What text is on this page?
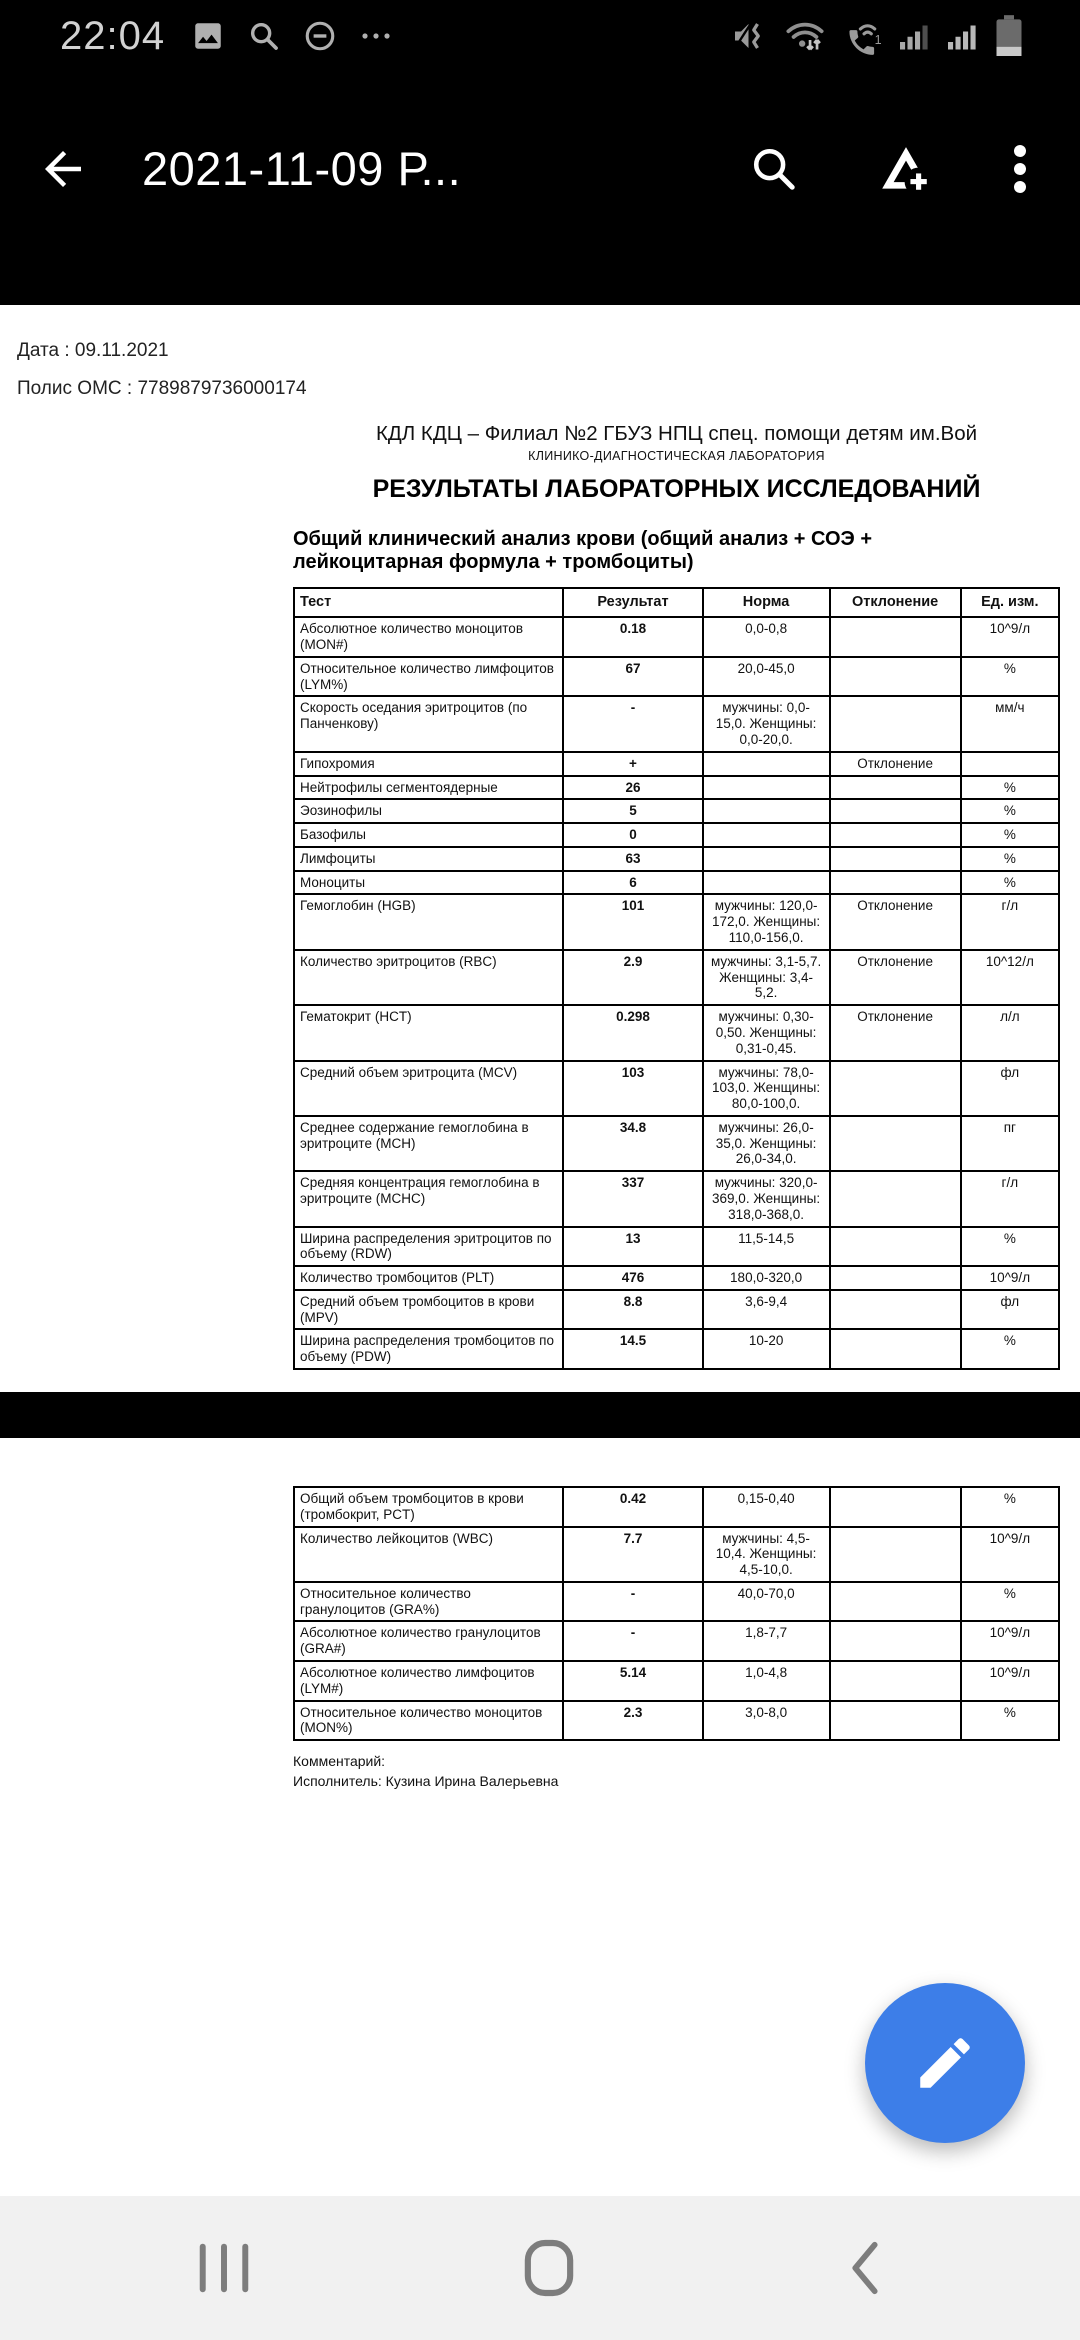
22:04	1
2021-11-09 Р...
Дата : 09.11.2021
Полис ОМС : 7789879736000174
КДЛ КДЦ – Филиал №2 ГБУЗ НПЦ спец. помощи детям им.Вой
КЛИНИКО-ДИАГНОСТИЧЕСКАЯ ЛАБОРАТОРИЯ
РЕЗУЛЬТАТЫ ЛАБОРАТОРНЫХ ИССЛЕДОВАНИЙ
Общий клинический анализ крови (общий анализ + СОЭ + лейкоцитарная формула + тромбоциты)
Тест	Результат	Норма	Отклонение	Ед. изм.
Абсолютное количество моноцитов (MON#)	0.18	0,0-0,8		10^9/л
Относительное количество лимфоцитов (LYM%)	67	20,0-45,0		%
Скорость оседания эритроцитов (по Панченкову)	-	мужчины: 0,0-15,0. Женщины: 0,0-20,0.		мм/ч
Гипохромия	+		Отклонение	
Нейтрофилы сегментоядерные	26			%
Эозинофилы	5			%
Базофилы	0			%
Лимфоциты	63			%
Моноциты	6			%
Гемоглобин (HGB)	101	мужчины: 120,0-172,0. Женщины: 110,0-156,0.	Отклонение	г/л
Количество эритроцитов (RBC)	2.9	мужчины: 3,1-5,7. Женщины: 3,4-5,2.	Отклонение	10^12/л
Гематокрит (HCT)	0.298	мужчины: 0,30-0,50. Женщины: 0,31-0,45.	Отклонение	л/л
Средний объем эритроцита (MCV)	103	мужчины: 78,0-103,0. Женщины: 80,0-100,0.		фл
Среднее содержание гемоглобина в эритроците (MCH)	34.8	мужчины: 26,0-35,0. Женщины: 26,0-34,0.		пг
Средняя концентрация гемоглобина в эритроците (MCHC)	337	мужчины: 320,0-369,0. Женщины: 318,0-368,0.		г/л
Ширина распределения эритроцитов по объему (RDW)	13	11,5-14,5		%
Количество тромбоцитов (PLT)	476	180,0-320,0		10^9/л
Средний объем тромбоцитов в крови (MPV)	8.8	3,6-9,4		фл
Ширина распределения тромбоцитов по объему (PDW)	14.5	10-20		%
Общий объем тромбоцитов в крови (тромбокрит, PCT)	0.42	0,15-0,40		%
Количество лейкоцитов (WBC)	7.7	мужчины: 4,5-10,4. Женщины: 4,5-10,0.		10^9/л
Относительное количество гранулоцитов (GRA%)	-	40,0-70,0		%
Абсолютное количество гранулоцитов (GRA#)	-	1,8-7,7		10^9/л
Абсолютное количество лимфоцитов (LYM#)	5.14	1,0-4,8		10^9/л
Относительное количество моноцитов (MON%)	2.3	3,0-8,0		%
Комментарий:
Исполнитель: Кузина Ирина Валерьевна
